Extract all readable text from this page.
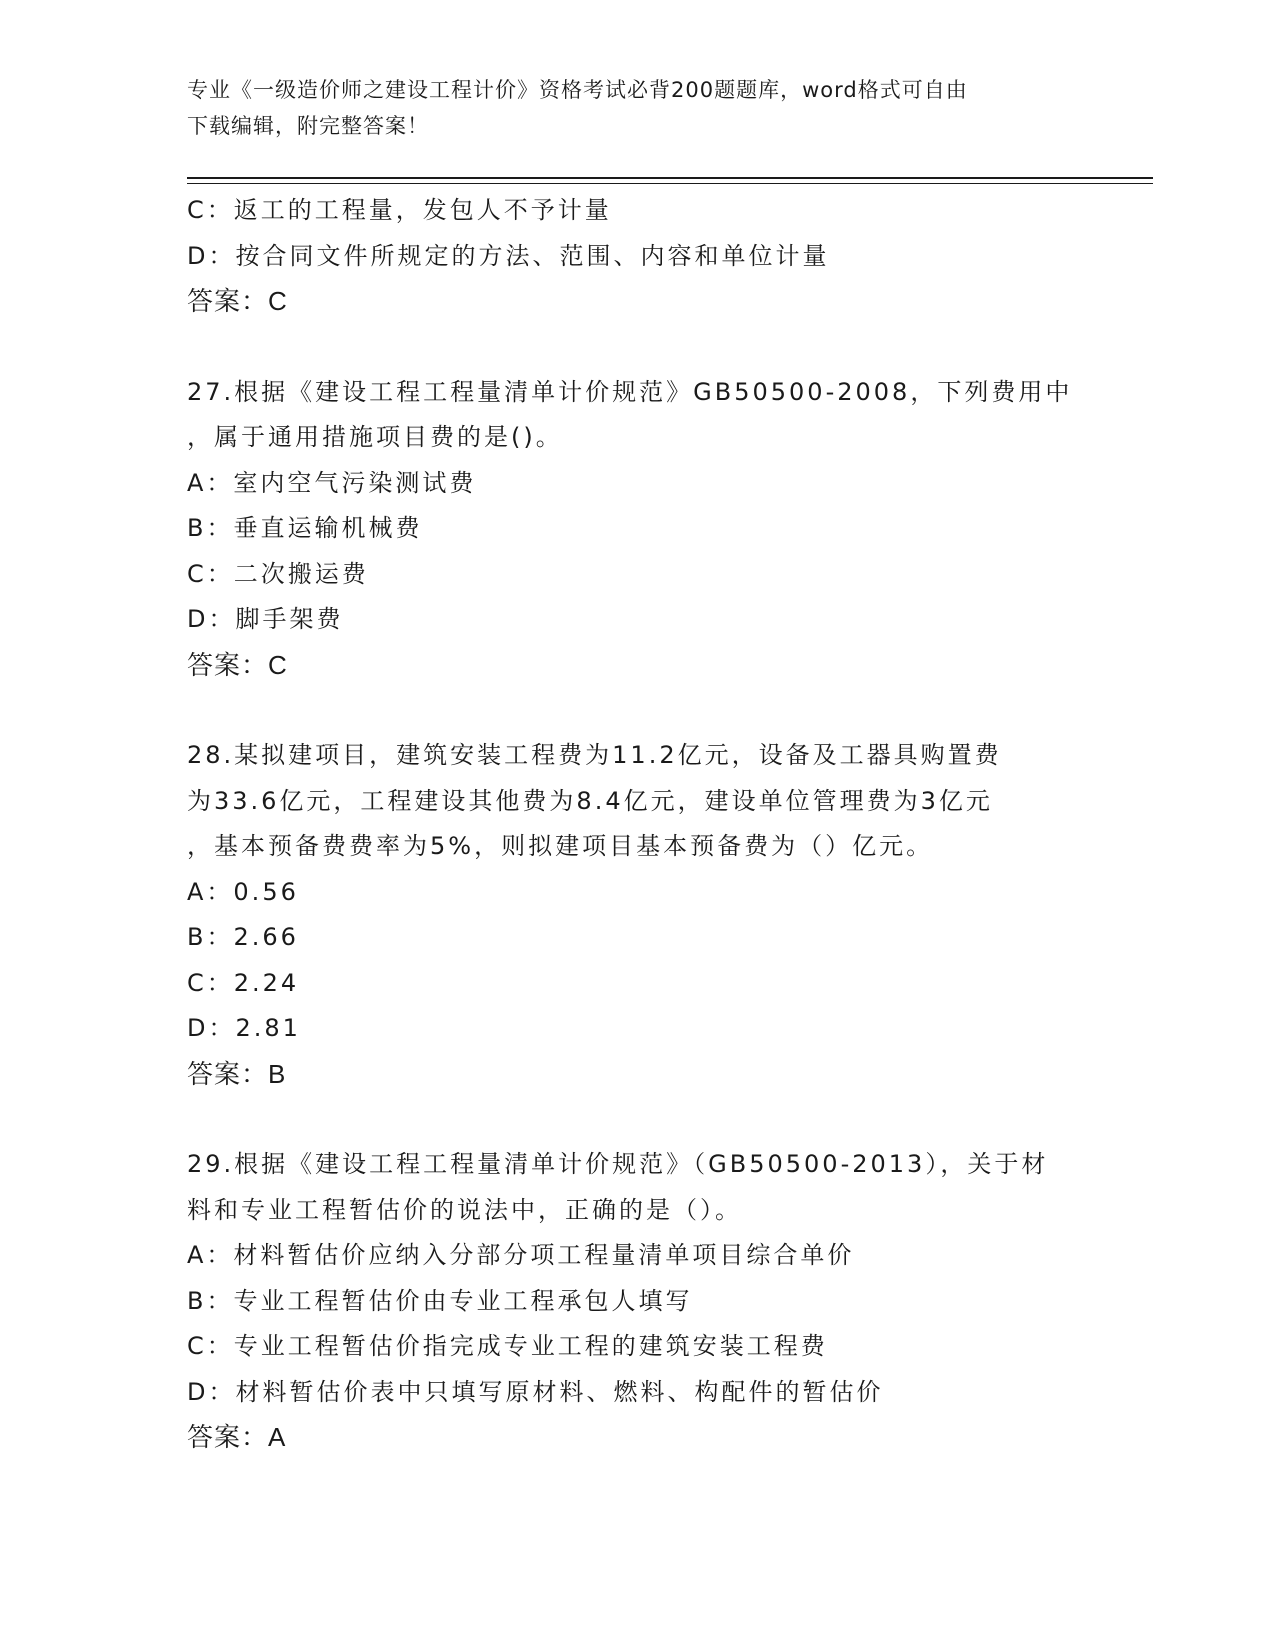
专业《一级造价师之建设工程计价》资格考试必背200题题库，word格式可自由
下载编辑，附完整答案！
C：返工的工程量，发包人不予计量
D：按合同文件所规定的方法、范围、内容和单位计量
答案：C
27.根据《建设工程工程量清单计价规范》GB50500-2008，下列费用中
，属于通用措施项目费的是()。
A：室内空气污染测试费
B：垂直运输机械费
C：二次搬运费
D：脚手架费
答案：C
28.某拟建项目，建筑安装工程费为11.2亿元，设备及工器具购置费
为33.6亿元，工程建设其他费为8.4亿元，建设单位管理费为3亿元
，基本预备费费率为5%，则拟建项目基本预备费为（）亿元。
A：0.56
B：2.66
C：2.24
D：2.81
答案：B
29.根据《建设工程工程量清单计价规范》（GB50500-2013），关于材
料和专业工程暂估价的说法中，正确的是（）。
A：材料暂估价应纳入分部分项工程量清单项目综合单价
B：专业工程暂估价由专业工程承包人填写
C：专业工程暂估价指完成专业工程的建筑安装工程费
D：材料暂估价表中只填写原材料、燃料、构配件的暂估价
答案：A
